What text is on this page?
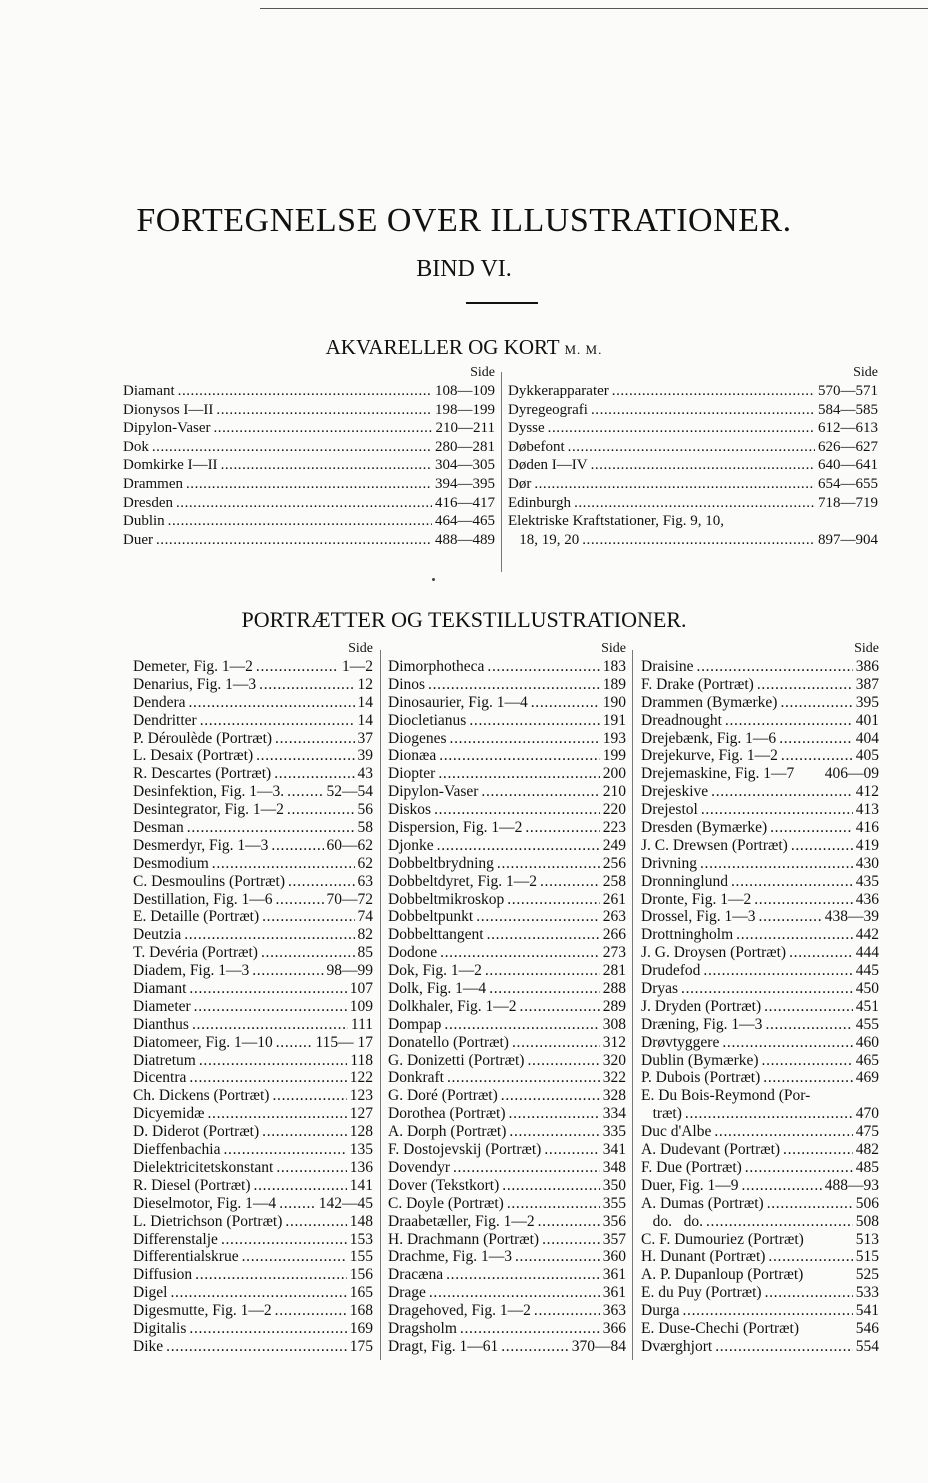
FORTEGNELSE OVER ILLUSTRATIONER.
BIND VI.
AKVARELLER OG KORT M. M.
Side
Diamant . . .	108—109
Dionysos I—II . . .	198—199
Dipylon-Vaser . . .	210—211
Dok . . .	280—281
Domkirke I—II . . .	304—305
Drammen . . .	394—395
Dresden . . .	416—417
Dublin . . .	464—465
Duer . . .	488—489
Side
Dykkerapparater . . .	570—571
Dyregeografi . . .	584—585
Dysse . . .	612—613
Døbefont . . .	626—627
Døden I—IV . . .	640—641
Dør . . .	654—655
Edinburgh . . .	718—719
Elektriske Kraftstationer, Fig. 9, 10,
18, 19, 20 . . .	897—904
PORTRÆTTER OG TEKSTILLUSTRATIONER.
Side
Demeter, Fig. 1—2 . . .	1—2
Denarius, Fig. 1—3 . . .	12
Dendera . . .	14
Dendritter . . .	14
P. Déroulède (Portræt) . . .	37
L. Desaix (Portræt) . . .	39
R. Descartes (Portræt) . . .	43
Desinfektion, Fig. 1—3. . . .	52—54
Desintegrator, Fig. 1—2 . . .	56
Desman . . .	58
Desmerdyr, Fig. 1—3 . . .	60—62
Desmodium . . .	62
C. Desmoulins (Portræt) . . .	63
Destillation, Fig. 1—6 . . .	70—72
E. Detaille (Portræt) . . .	74
Deutzia . . .	82
T. Devéria (Portræt) . . .	85
Diadem, Fig. 1—3 . . .	98—99
Diamant . . .	107
Diameter . . .	109
Dianthus . . .	111
Diatomeer, Fig. 1—10 . . .	115— 17
Diatretum . . .	118
Dicentra . . .	122
Ch. Dickens (Portræt) . . .	123
Dicyemidæ . . .	127
D. Diderot (Portræt) . . .	128
Dieffenbachia . . .	135
Dielektricitetskonstant . . .	136
R. Diesel (Portræt) . . .	141
Dieselmotor, Fig. 1—4 . . .	142—45
L. Dietrichson (Portræt) . . .	148
Differenstalje . . .	153
Differentialskrue . . .	155
Diffusion . . .	156
Digel . . .	165
Digesmutte, Fig. 1—2 . . .	168
Digitalis . . .	169
Dike . . .	175
Side
Dimorphotheca . . .	183
Dinos . . .	189
Dinosaurier, Fig. 1—4 . . .	190
Diocletianus . . .	191
Diogenes . . .	193
Dionæa . . .	199
Diopter . . .	200
Dipylon-Vaser . . .	210
Diskos . . .	220
Dispersion, Fig. 1—2 . . .	223
Djonke . . .	249
Dobbeltbrydning . . .	256
Dobbeltdyret, Fig. 1—2 . . .	258
Dobbeltmikroskop . . .	261
Dobbeltpunkt . . .	263
Dobbelttangent . . .	266
Dodone . . .	273
Dok, Fig. 1—2 . . .	281
Dolk, Fig. 1—4 . . .	288
Dolkhaler, Fig. 1—2 . . .	289
Dompap . . .	308
Donatello (Portræt) . . .	312
G. Donizetti (Portræt) . . .	320
Donkraft . . .	322
G. Doré (Portræt) . . .	328
Dorothea (Portræt) . . .	334
A. Dorph (Portræt) . . .	335
F. Dostojevskij (Portræt) . . .	341
Dovendyr . . .	348
Dover (Tekstkort) . . .	350
C. Doyle (Portræt) . . .	355
Draabetæller, Fig. 1—2 . . .	356
H. Drachmann (Portræt) . . .	357
Drachme, Fig. 1—3 . . .	360
Dracæna . . .	361
Drage . . .	361
Dragehoved, Fig. 1—2 . . .	363
Dragsholm . . .	366
Dragt, Fig. 1—61 . . .	370—84
Side
Draisine . . .	386
F. Drake (Portræt) . . .	387
Drammen (Bymærke) . . .	395
Dreadnought . . .	401
Drejebænk, Fig. 1—6 . . .	404
Drejekurve, Fig. 1—2 . . .	405
Drejemaskine, Fig. 1—7 406—09
Drejeskive . . .	412
Drejestol . . .	413
Dresden (Bymærke) . . .	416
J. C. Drewsen (Portræt) . . .	419
Drivning . . .	430
Dronninglund . . .	435
Dronte, Fig. 1—2 . . .	436
Drossel, Fig. 1—3 . . .	438—39
Drottningholm . . .	442
J. G. Droysen (Portræt) . . .	444
Drudefod . . .	445
Dryas . . .	450
J. Dryden (Portræt) . . .	451
Dræning, Fig. 1—3 . . .	455
Drøvtyggere . . .	460
Dublin (Bymærke) . . .	465
P. Dubois (Portræt) . . .	469
E. Du Bois-Reymond (Por-
træt) . . .	470
Duc d'Albe . . .	475
A. Dudevant (Portræt) . . .	482
F. Due (Portræt) . . .	485
Duer, Fig. 1—9 . . .	488—93
A. Dumas (Portræt) . . .	506
do.   do. . . .	508
C. F. Dumouriez (Portræt)	513
H. Dunant (Portræt) . . .	515
A. P. Dupanloup (Portræt)	525
E. du Puy (Portræt) . . .	533
Durga . . .	541
E. Duse-Chechi (Portræt)	546
Dværghjort . . .	554
